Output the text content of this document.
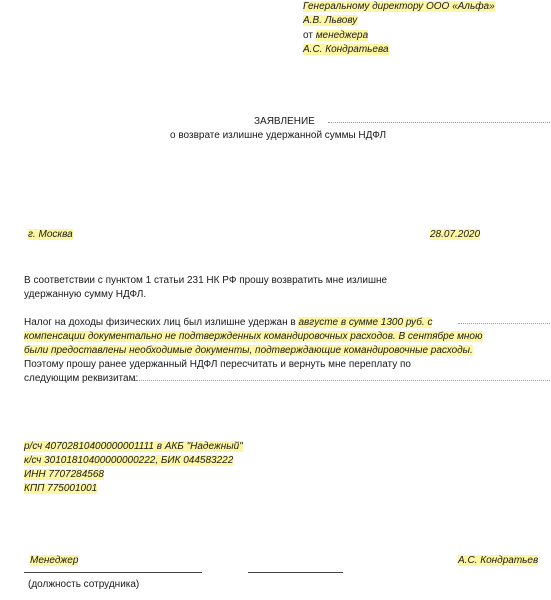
Генеральному директору ООО «Альфа»
А.В. Львову
от менеджера
А.С. Кондратьева
ЗАЯВЛЕНИЕ
о возврате излишне удержанной суммы НДФЛ
г. Москва	28.07.2020
В соответствии с пунктом 1 статьи 231 НК РФ прошу возвратить мне излишне
удержанную сумму НДФЛ.
Налог на доходы физических лиц был излишне удержан в августе в сумме 1300 руб. с
компенсации документально не подтвержденных командировочных расходов. В сентябре мною
были предоставлены необходимые документы, подтверждающие командировочные расходы.
Поэтому прошу ранее удержанный НДФЛ пересчитать и вернуть мне переплату по
следующим реквизитам:
р/сч 40702810400000001111 в АКБ "Надежный"
к/сч 30101810400000000222, БИК 044583222
ИНН 7707284568
КПП 775001001
Менеджер	А.С. Кондратьев
(должность сотрудника)
